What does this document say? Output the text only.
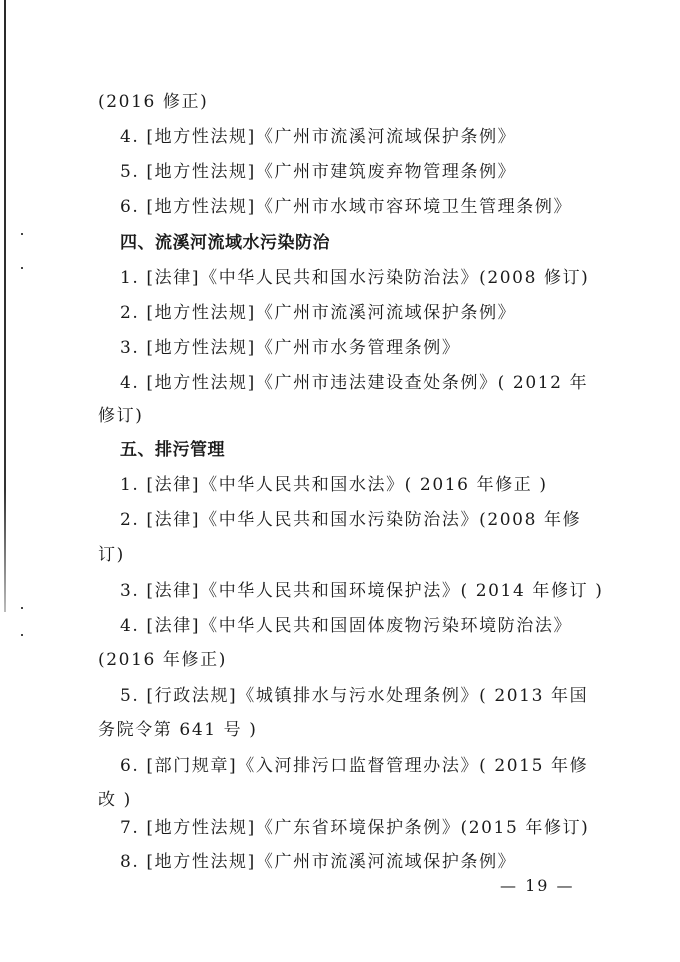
(2016 修正)
4. [地方性法规]《广州市流溪河流域保护条例》
5. [地方性法规]《广州市建筑废弃物管理条例》
6. [地方性法规]《广州市水域市容环境卫生管理条例》
四、流溪河流域水污染防治
1. [法律]《中华人民共和国水污染防治法》(2008 修订)
2. [地方性法规]《广州市流溪河流域保护条例》
3. [地方性法规]《广州市水务管理条例》
4. [地方性法规]《广州市违法建设查处条例》( 2012 年
修订)
五、排污管理
1. [法律]《中华人民共和国水法》( 2016 年修正 )
2. [法律]《中华人民共和国水污染防治法》(2008 年修
订)
3. [法律]《中华人民共和国环境保护法》( 2014 年修订 )
4. [法律]《中华人民共和国固体废物污染环境防治法》
(2016 年修正)
5. [行政法规]《城镇排水与污水处理条例》( 2013 年国
务院令第 641 号 )
6. [部门规章]《入河排污口监督管理办法》( 2015 年修
改 )
7. [地方性法规]《广东省环境保护条例》(2015 年修订)
8. [地方性法规]《广州市流溪河流域保护条例》
— 19 —
